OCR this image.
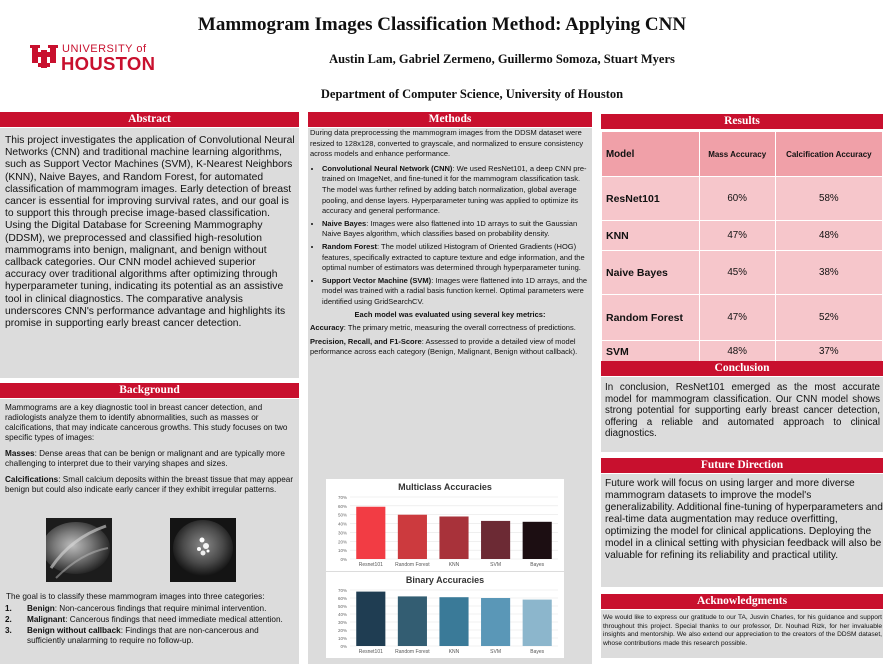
UNIVERSITY of
HOUSTON
Mammogram Images Classification Method: Applying CNN
Austin Lam, Gabriel Zermeno, Guillermo Somoza, Stuart Myers
Department of Computer Science, University of Houston
Abstract
This project investigates the application of Convolutional Neural Networks (CNN) and traditional machine learning algorithms, such as Support Vector Machines (SVM), K-Nearest Neighbors (KNN), Naive Bayes, and Random Forest, for automated classification of mammogram images. Early detection of breast cancer is essential for improving survival rates, and our goal is to support this through precise image-based classification. Using the Digital Database for Screening Mammography (DDSM), we preprocessed and classified high-resolution mammograms into benign, malignant, and benign without callback categories. Our CNN model achieved superior accuracy over traditional algorithms after optimizing through hyperparameter tuning, indicating its potential as an assistive tool in clinical diagnostics. The comparative analysis underscores CNN's performance advantage and highlights its promise in supporting early breast cancer detection.
Background

Mammograms are a key diagnostic tool in breast cancer detection, and radiologists analyze them to identify abnormalities, such as masses or calcifications, that may indicate cancerous growths. This study focuses on two specific types of images:

Masses: Dense areas that can be benign or malignant and are typically more challenging to interpret due to their varying shapes and sizes.

Calcifications: Small calcium deposits within the breast tissue that may appear benign but could also indicate early cancer if they exhibit irregular patterns.

The goal is to classify these mammogram images into three categories:
1.	Benign: Non-cancerous findings that require minimal intervention.
2.	Malignant: Cancerous findings that need immediate medical attention.
3.	Benign without callback: Findings that are non-cancerous and sufficiently unalarming to require no follow-up.
Methods

During data preprocessing the mammogram images from the DDSM dataset were resized to 128x128, converted to grayscale, and normalized to ensure consistency across models and enhance performance.

• Convolutional Neural Network (CNN): We used ResNet101, a deep CNN pre-trained on ImageNet, and fine-tuned it for the mammogram classification task. The model was further refined by adding batch normalization, global average pooling, and dense layers. Hyperparameter tuning was applied to optimize its accuracy and general performance.
• Naive Bayes: Images were also flattened into 1D arrays to suit the Gaussian Naive Bayes algorithm, which classifies based on probability density.
• Random Forest: The model utilized Histogram of Oriented Gradients (HOG) features, specifically extracted to capture texture and edge information, and the optimal number of estimators was determined through hyperparameter tuning.
• Support Vector Machine (SVM): Images were flattened into 1D arrays, and the model was trained with a radial basis function kernel. Optimal parameters were identified using GridSearchCV.
Each model was evaluated using several key metrics:

Accuracy: The primary metric, measuring the overall correctness of predictions.

Precision, Recall, and F1-Score: Assessed to provide a detailed view of model performance across each category (Benign, Malignant, Benign without callback).

Multiclass Accuracies
0%
10%
20%
30%
40%
50%
60%
70%
Resnet101 Random Forest	KNN	SVM	Bayes
Binary Accuracies
0%
10%
20%
30%
40%
50%
60%
70%
Resnet101 Random Forest	KNN	SVM	Bayes
Results
Model	Mass Accuracy	Calcification Accuracy
ResNet101	60%	58%
KNN	47%	48%
Naive Bayes	45%	38%
Random Forest	47%	52%
SVM	48%	37%
Conclusion
In conclusion, ResNet101 emerged as the most accurate model for mammogram classification. Our CNN model shows strong potential for supporting early breast cancer detection, offering a reliable and automated approach to clinical diagnostics.
Future Direction
Future work will focus on using larger and more diverse mammogram datasets to improve the model's generalizability. Additional fine-tuning of hyperparameters and real-time data augmentation may reduce overfitting, optimizing the model for clinical applications. Deploying the model in a clinical setting with physician feedback will also be valuable for refining its reliability and practical utility.
Acknowledgments
We would like to express our gratitude to our TA, Jusvin Charles, for his guidance and support throughout this project. Special thanks to our professor, Dr. Nouhad Rizk, for her invaluable insights and mentorship. We also extend our appreciation to the creators of the DDSM dataset, whose contributions made this research possible.
